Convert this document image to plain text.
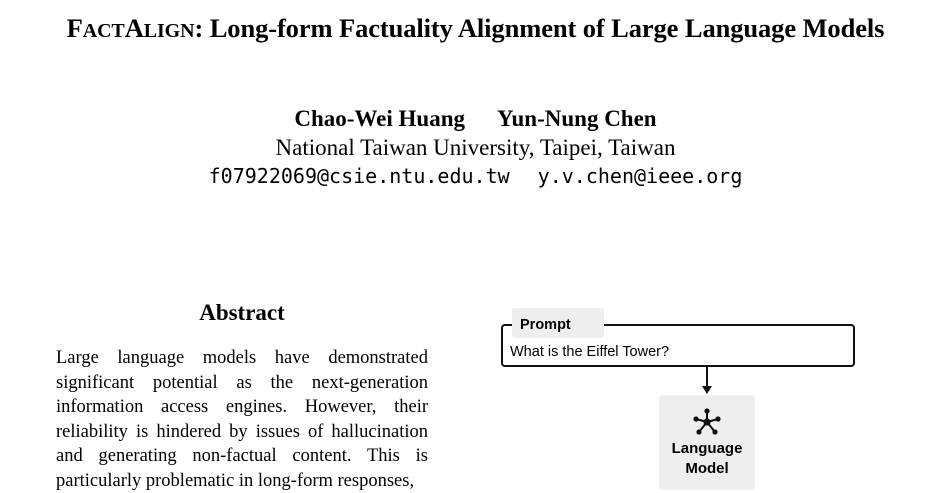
FACTALIGN: Long-form Factuality Alignment of Large Language Models
Chao-Wei Huang Yun-Nung Chen
National Taiwan University, Taipei, Taiwan
f07922069@csie.ntu.edu.tw y.v.chen@ieee.org
Abstract
Large language models have demonstrated significant potential as the next-generation information access engines. However, their reliability is hindered by issues of hallucination and generating non-factual content. This is particularly problematic in long-form responses,
Prompt
What is the Eiffel Tower?
Language
Model
